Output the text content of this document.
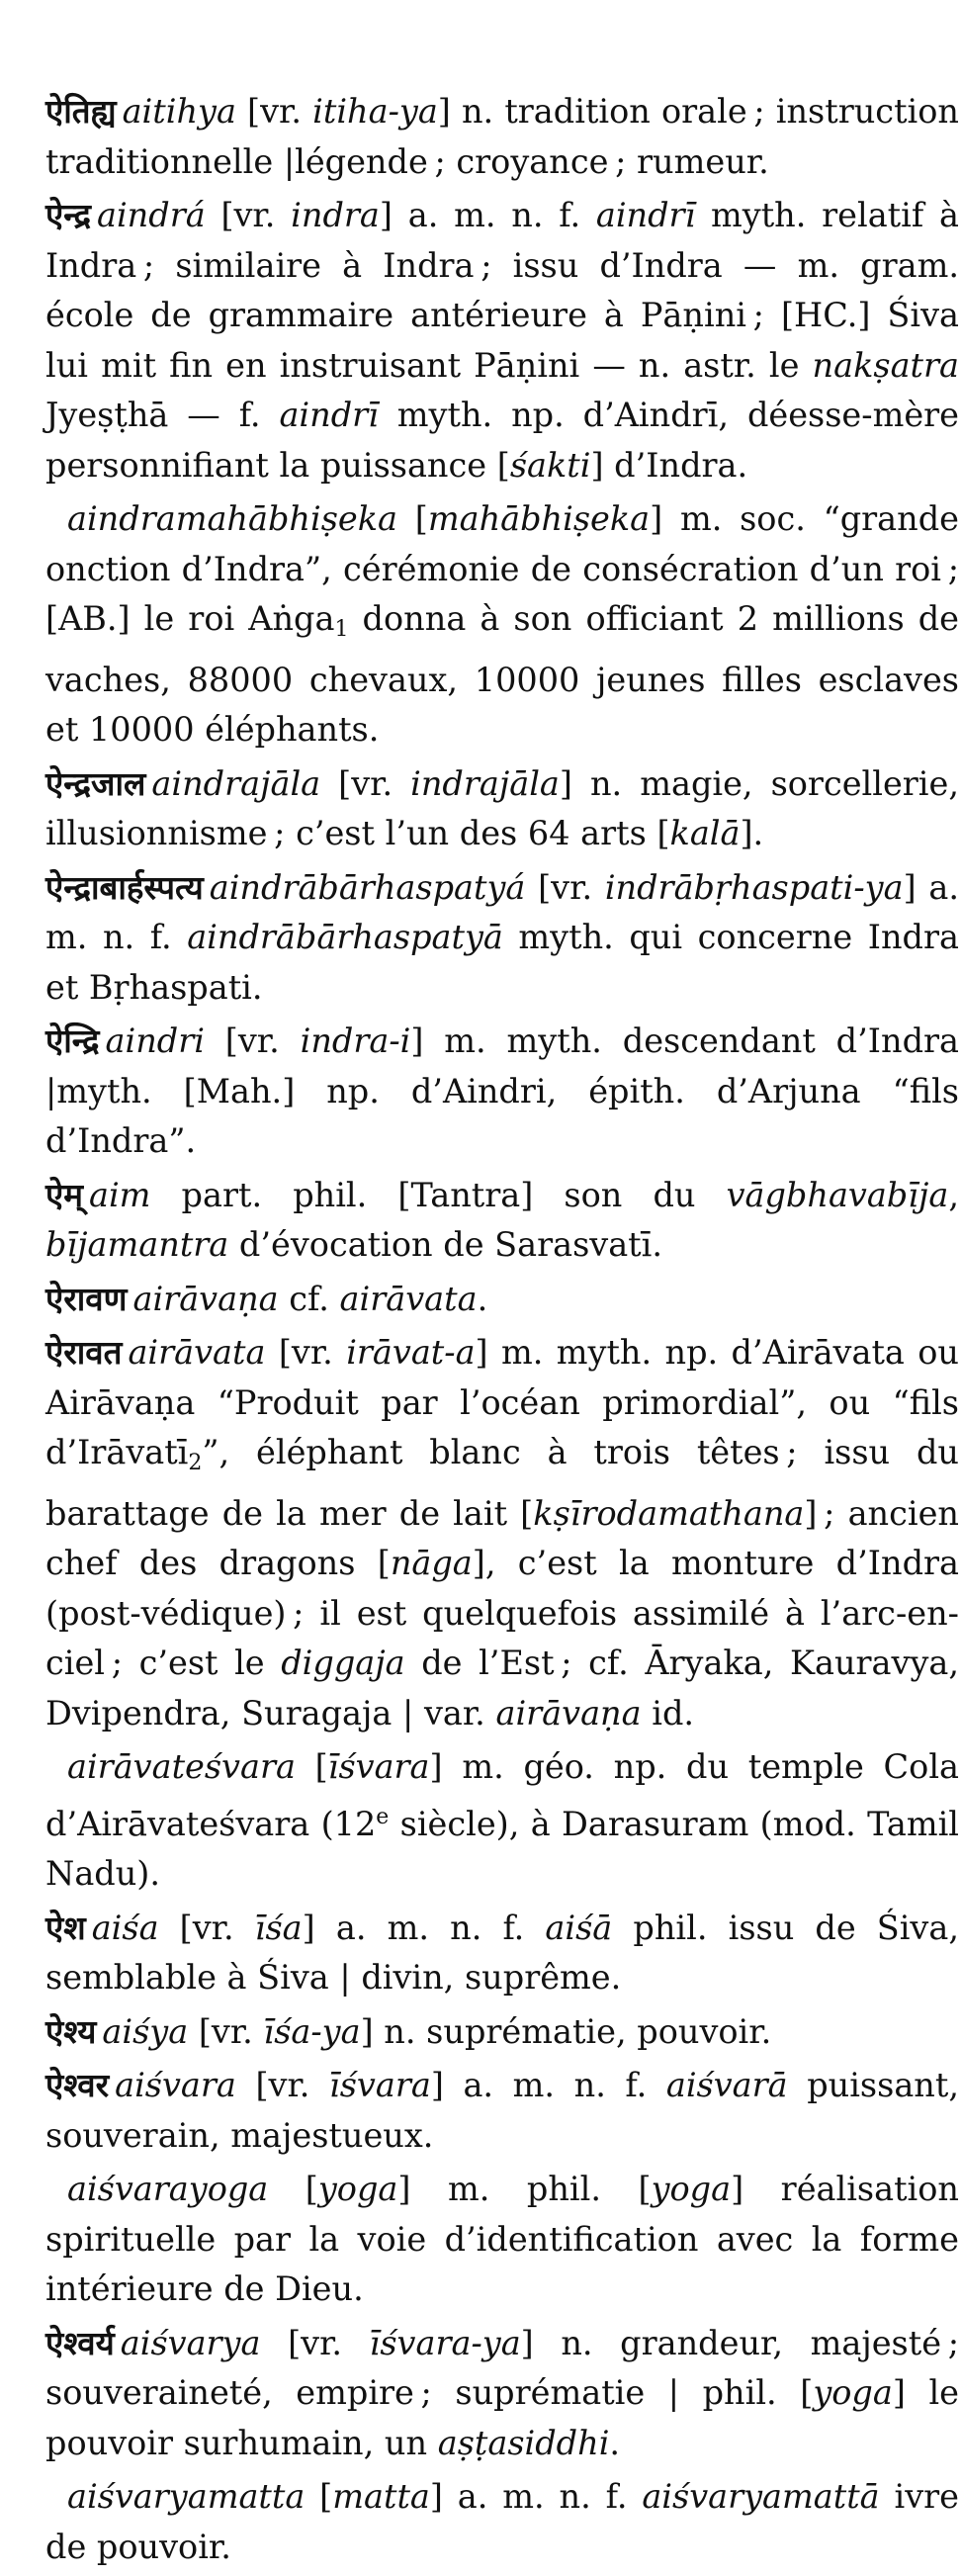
ऐतिह्य aitihya [vr. itiha-ya] n. tradition orale ; instruction traditionnelle |légende ; croyance ; rumeur.
ऐन्द्र aindrá [vr. indra] a. m. n. f. aindrī myth. relatif à Indra ; similaire à Indra ; issu d’Indra — m. gram. école de grammaire antérieure à Pāṇini ; [HC.] Śiva lui mit fin en instruisant Pāṇini — n. astr. le nakṣatra Jyeṣṭhā — f. aindrī myth. np. d’Aindrī, déesse-mère personnifiant la puissance [śakti] d’Indra.
aindramahābhiṣeka [mahābhiṣeka] m. soc. “grande onction d’Indra”, cérémonie de consécration d’un roi ; [AB.] le roi Aṅga1 donna à son officiant 2 millions de vaches, 88000 chevaux, 10000 jeunes filles esclaves et 10000 éléphants.
ऐन्द्रजाल aindrajāla [vr. indrajāla] n. magie, sorcellerie, illusionnisme ; c’est l’un des 64 arts [kalā].
ऐन्द्राबार्हस्पत्य aindrābārhaspatyá [vr. indrābṛhaspati-ya] a. m. n. f. aindrābārhaspatyā myth. qui concerne Indra et Bṛhaspati.
ऐन्द्रि aindri [vr. indra-i] m. myth. descendant d’Indra |myth. [Mah.] np. d’Aindri, épith. d’Arjuna “fils d’Indra”.
ऐम् aim part. phil. [Tantra] son du vāgbhavabīja, bījamantra d’évocation de Sarasvatī.
ऐरावण airāvaṇa cf. airāvata.
ऐरावत airāvata [vr. irāvat-a] m. myth. np. d’Airāvata ou Airāvaṇa “Produit par l’océan primordial”, ou “fils d’Irāvatī2”, éléphant blanc à trois têtes ; issu du barattage de la mer de lait [kṣīrodamathana] ; ancien chef des dragons [nāga], c’est la monture d’Indra (post-védique) ; il est quelquefois assimilé à l’arc-en-ciel ; c’est le diggaja de l’Est ; cf. Āryaka, Kauravya, Dvipendra, Suragaja | var. airāvaṇa id.
airāvateśvara [īśvara] m. géo. np. du temple Cola d’Airāvateśvara (12e siècle), à Darasuram (mod. Tamil Nadu).
ऐश aiśa [vr. īśa] a. m. n. f. aiśā phil. issu de Śiva, semblable à Śiva | divin, suprême.
ऐश्य aiśya [vr. īśa-ya] n. suprématie, pouvoir.
ऐश्वर aiśvara [vr. īśvara] a. m. n. f. aiśvarā puissant, souverain, majestueux.
aiśvarayoga [yoga] m. phil. [yoga] réalisation spirituelle par la voie d’identification avec la forme intérieure de Dieu.
ऐश्वर्य aiśvarya [vr. īśvara-ya] n. grandeur, majesté ; souveraineté, empire ; suprématie | phil. [yoga] le pouvoir surhumain, un aṣṭasiddhi.
aiśvaryamatta [matta] a. m. n. f. aiśvaryamattā ivre de pouvoir.
